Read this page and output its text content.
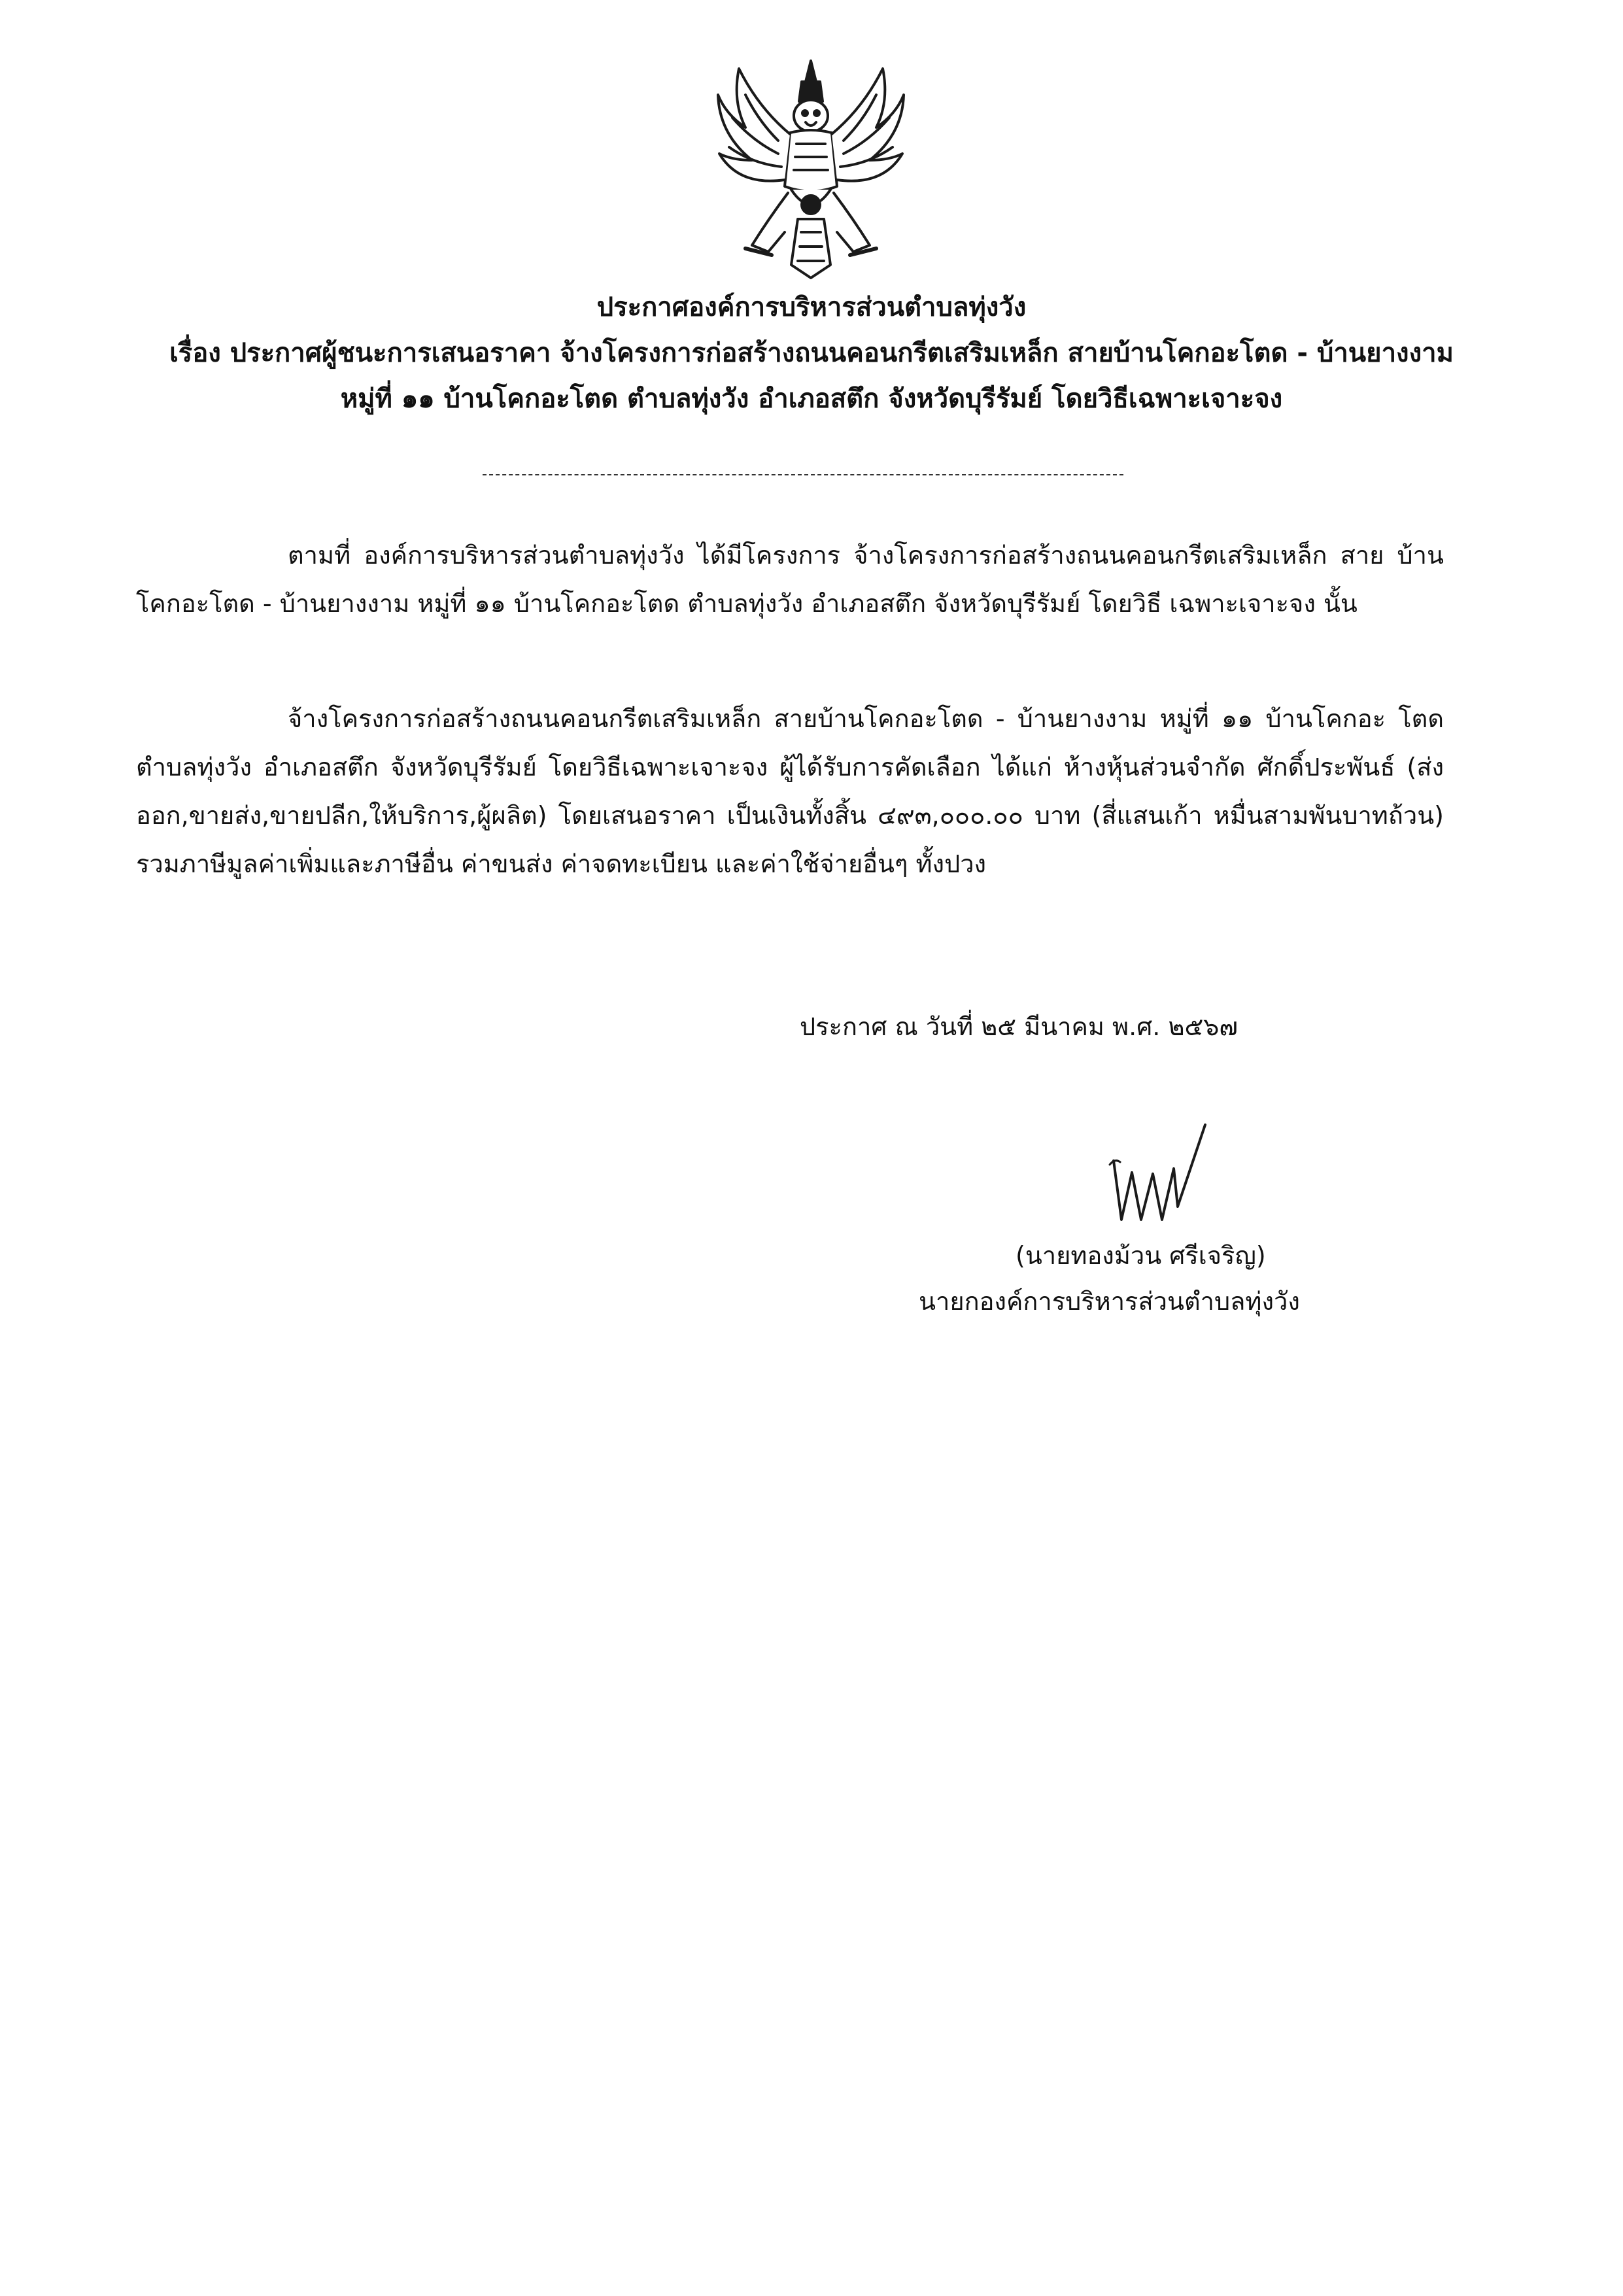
ประกาศองค์การบริหารส่วนตำบลทุ่งวัง
เรื่อง ประกาศผู้ชนะการเสนอราคา จ้างโครงการก่อสร้างถนนคอนกรีตเสริมเหล็ก สายบ้านโคกอะโตด - บ้านยางงาม
หมู่ที่ ๑๑ บ้านโคกอะโตด ตำบลทุ่งวัง อำเภอสตึก จังหวัดบุรีรัมย์ โดยวิธีเฉพาะเจาะจง
ตามที่ องค์การบริหารส่วนตำบลทุ่งวัง ได้มีโครงการ จ้างโครงการก่อสร้างถนนคอนกรีตเสริมเหล็ก สาย บ้านโคกอะโตด - บ้านยางงาม หมู่ที่ ๑๑ บ้านโคกอะโตด ตำบลทุ่งวัง อำเภอสตึก จังหวัดบุรีรัมย์ โดยวิธี เฉพาะเจาะจง นั้น
จ้างโครงการก่อสร้างถนนคอนกรีตเสริมเหล็ก สายบ้านโคกอะโตด - บ้านยางงาม หมู่ที่ ๑๑ บ้านโคกอะ โตด ตำบลทุ่งวัง อำเภอสตึก จังหวัดบุรีรัมย์ โดยวิธีเฉพาะเจาะจง ผู้ได้รับการคัดเลือก ได้แก่ ห้างหุ้นส่วนจำกัด ศักดิ์ประพันธ์ (ส่งออก,ขายส่ง,ขายปลีก,ให้บริการ,ผู้ผลิต) โดยเสนอราคา เป็นเงินทั้งสิ้น ๔๙๓,๐๐๐.๐๐ บาท (สี่แสนเก้า หมื่นสามพันบาทถ้วน) รวมภาษีมูลค่าเพิ่มและภาษีอื่น ค่าขนส่ง ค่าจดทะเบียน และค่าใช้จ่ายอื่นๆ ทั้งปวง
ประกาศ ณ วันที่ ๒๕ มีนาคม พ.ศ. ๒๕๖๗
(นายทองม้วน ศรีเจริญ)
นายกองค์การบริหารส่วนตำบลทุ่งวัง
